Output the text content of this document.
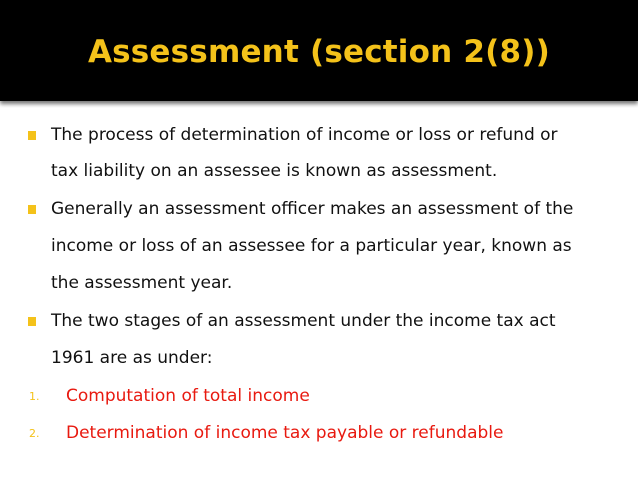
Assessment (section 2(8))
The process of determination of income or loss or refund or
tax liability on an assessee is known as assessment.
Generally an assessment officer makes an assessment of the
income or loss of an assessee for a particular year, known as
the assessment year.
The two stages of an assessment under the income tax act
1961 are as under:
1. Computation of total income
2. Determination of income tax payable or refundable
